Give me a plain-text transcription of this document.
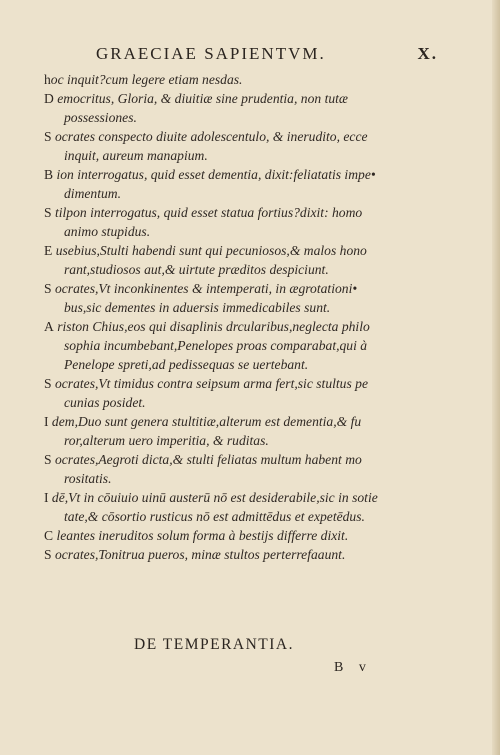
GRAECIAE SAPIENTVM.	X.
hoc inquit?cum legere etiam nesdas.
D emocritus, Gloria, & diuitiæ sine prudentia, non tutæ
possessiones.
S ocrates conspecto diuite adolescentulo, & inerudito, ecce
inquit, aureum manapium.
B ion interrogatus, quid esset dementia, dixit:feliatatis impe•
dimentum.
S tilpon interrogatus, quid esset statua fortius?dixit: homo
animo stupidus.
E usebius,Stulti habendi sunt qui pecuniosos,& malos hono
rant,studiosos aut,& uirtute præditos despiciunt.
S ocrates,Vt inconkinentes & intemperati, in ægrotationi•
bus,sic dementes in aduersis immedicabiles sunt.
A riston Chius,eos qui disaplinis drcularibus,neglecta philo
sophia incumbebant,Penelopes proas comparabat,qui à
Penelope spreti,ad pedissequas se uertebant.
S ocrates,Vt timidus contra seipsum arma fert,sic stultus pe
cunias posidet.
I dem,Duo sunt genera stultitiæ,alterum est dementia,& fu
ror,alterum uero imperitia, & ruditas.
S ocrates,Aegroti dicta,& stulti feliatas multum habent mo
rositatis.
I dē,Vt in cōuiuio uinū austerū nō est desiderabile,sic in sotie
tate,& cōsortio rusticus nō est admittēdus et expetēdus.
C leantes ineruditos solum forma à bestijs differre dixit.
S ocrates,Tonitrua pueros, minæ stultos perterrefaaunt.
DE TEMPERANTIA.
B v
